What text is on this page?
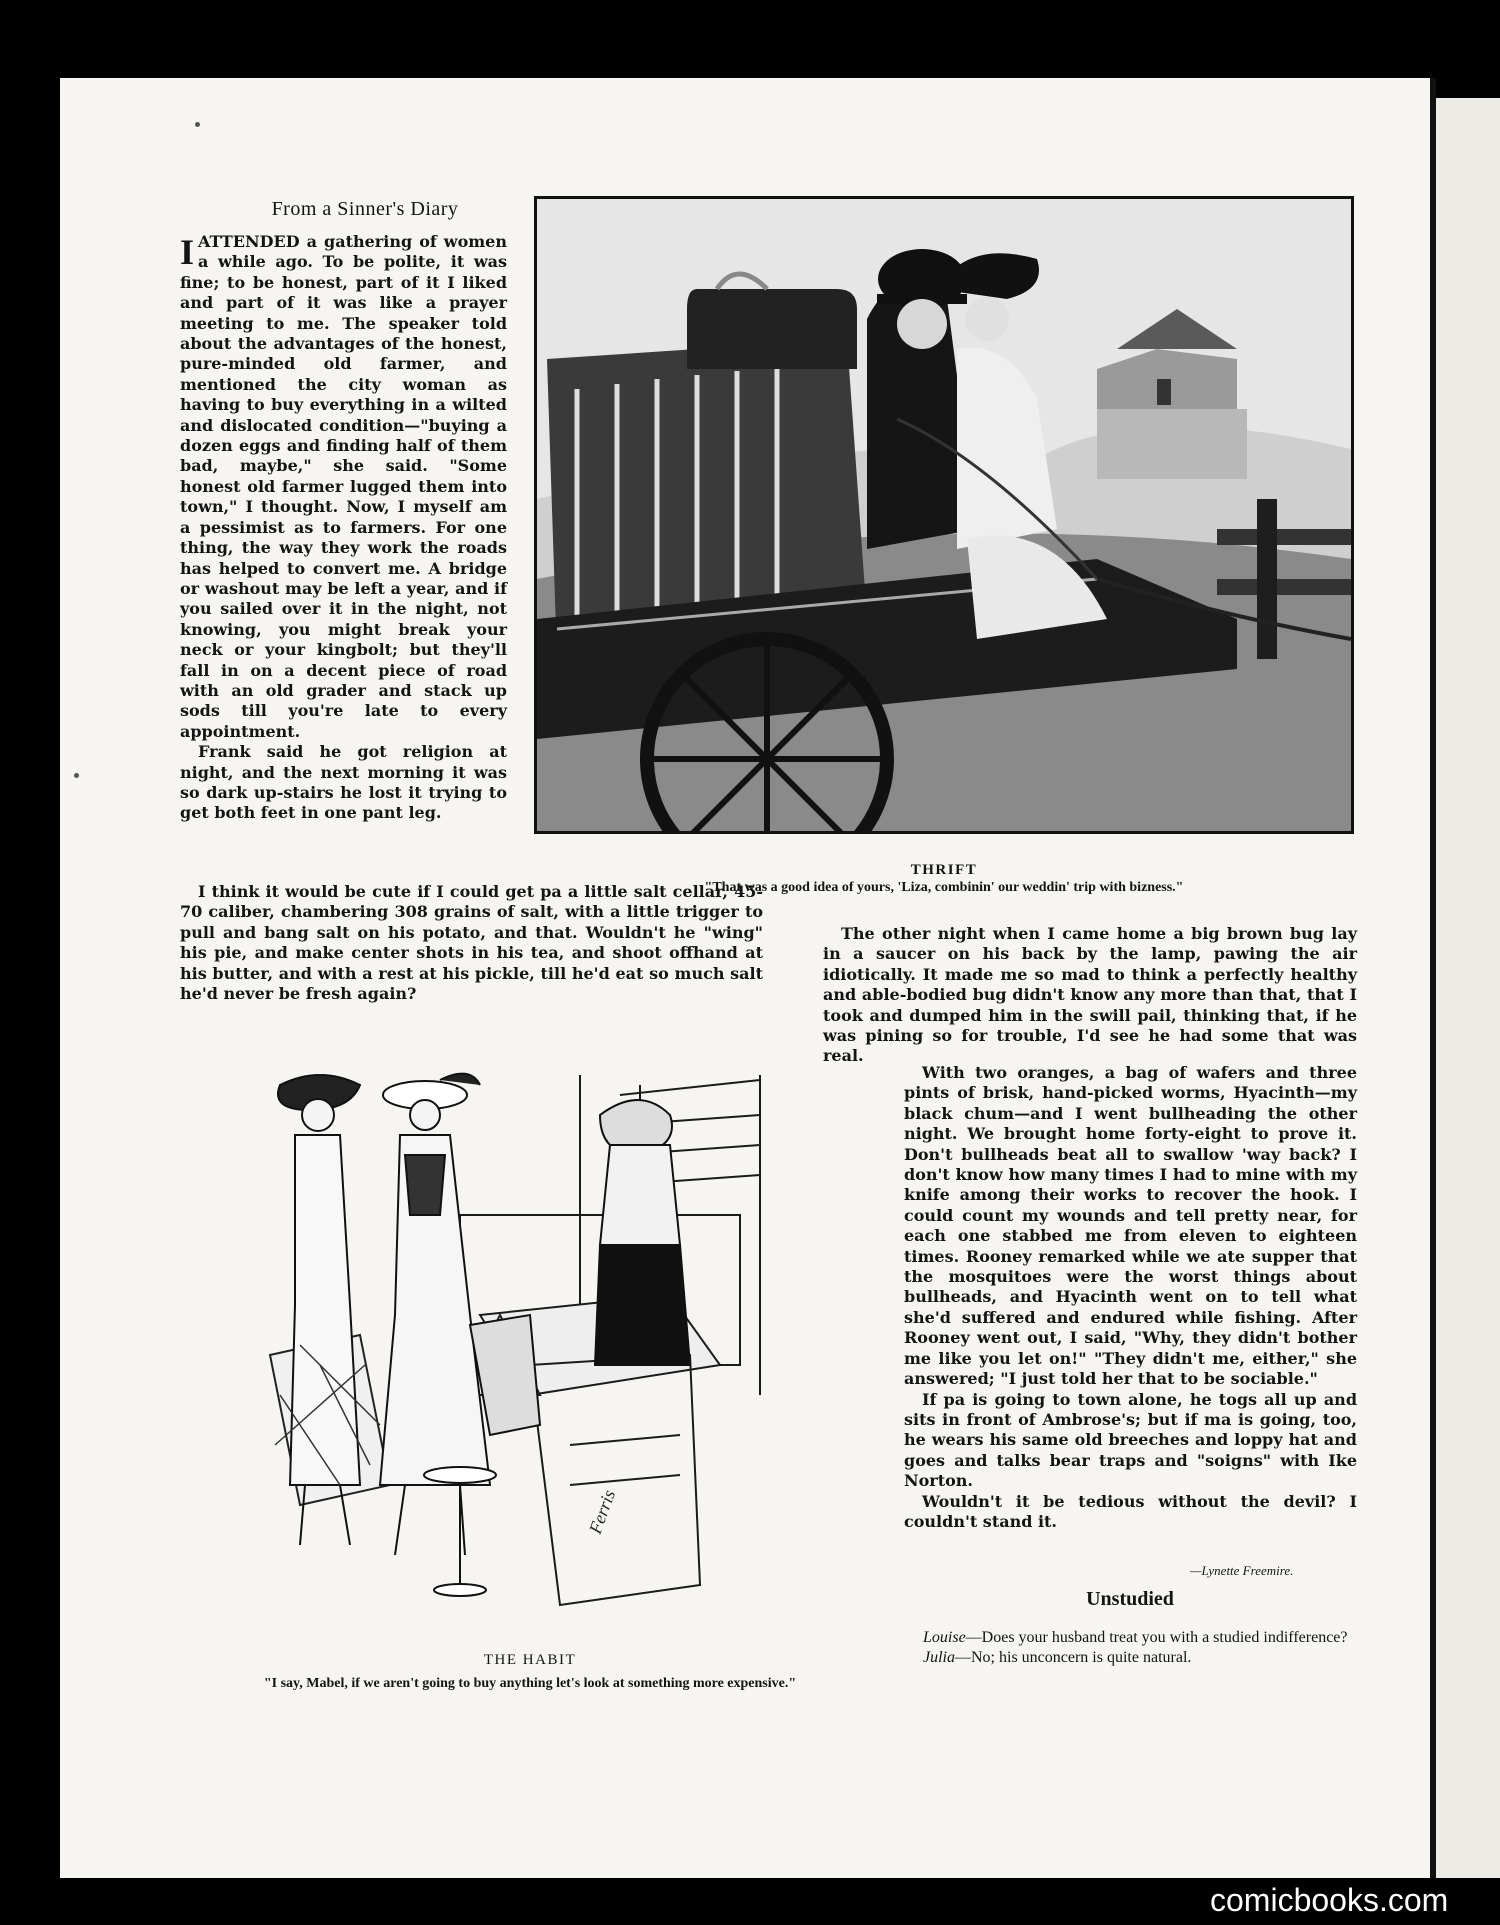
From a Sinner's Diary

IATTENDED a gathering of women a while ago. To be polite, it was fine; to be honest, part of it I liked and part of it was like a prayer meeting to me. The speaker told about the advantages of the honest, pure-minded old farmer, and mentioned the city woman as having to buy everything in a wilted and dislocated condition—"buying a dozen eggs and finding half of them bad, maybe," she said. "Some honest old farmer lugged them into town," I thought. Now, I myself am a pessimist as to farmers. For one thing, the way they work the roads has helped to convert me. A bridge or washout may be left a year, and if you sailed over it in the night, not knowing, you might break your neck or your kingbolt; but they'll fall in on a decent piece of road with an old grader and stack up sods till you're late to every appointment.

Frank said he got religion at night, and the next morning it was so dark up-stairs he lost it trying to get both feet in one pant leg.

I think it would be cute if I could get pa a little salt cellar, 45-70 caliber, chambering 308 grains of salt, with a little trigger to pull and bang salt on his potato, and that. Wouldn't he "wing" his pie, and make center shots in his tea, and shoot offhand at his butter, and with a rest at his pickle, till he'd eat so much salt he'd never be fresh again?

THRIFT
"That was a good idea of yours, 'Liza, combinin' our weddin' trip with bizness."

The other night when I came home a big brown bug lay in a saucer on his back by the lamp, pawing the air idiotically. It made me so mad to think a perfectly healthy and able-bodied bug didn't know any more than that, that I took and dumped him in the swill pail, thinking that, if he was pining so for trouble, I'd see he had some that was real.

With two oranges, a bag of wafers and three pints of brisk, hand-picked worms, Hyacinth—my black chum—and I went bullheading the other night. We brought home forty-eight to prove it. Don't bullheads beat all to swallow 'way back? I don't know how many times I had to mine with my knife among their works to recover the hook. I could count my wounds and tell pretty near, for each one stabbed me from eleven to eighteen times. Rooney remarked while we ate supper that the mosquitoes were the worst things about bullheads, and Hyacinth went on to tell what she'd suffered and endured while fishing. After Rooney went out, I said, "Why, they didn't bother me like you let on!" "They didn't me, either," she answered; "I just told her that to be sociable."

If pa is going to town alone, he togs all up and sits in front of Ambrose's; but if ma is going, too, he wears his same old breeches and loppy hat and goes and talks bear traps and "soigns" with Ike Norton.

Wouldn't it be tedious without the devil? I couldn't stand it.

—Lynette Freemire.
Ferris
THE HABIT
"I say, Mabel, if we aren't going to buy anything let's look at something more expensive."
Unstudied

Louise—Does your husband treat you with a studied indifference?

Julia—No; his unconcern is quite natural.

comicbooks.com
